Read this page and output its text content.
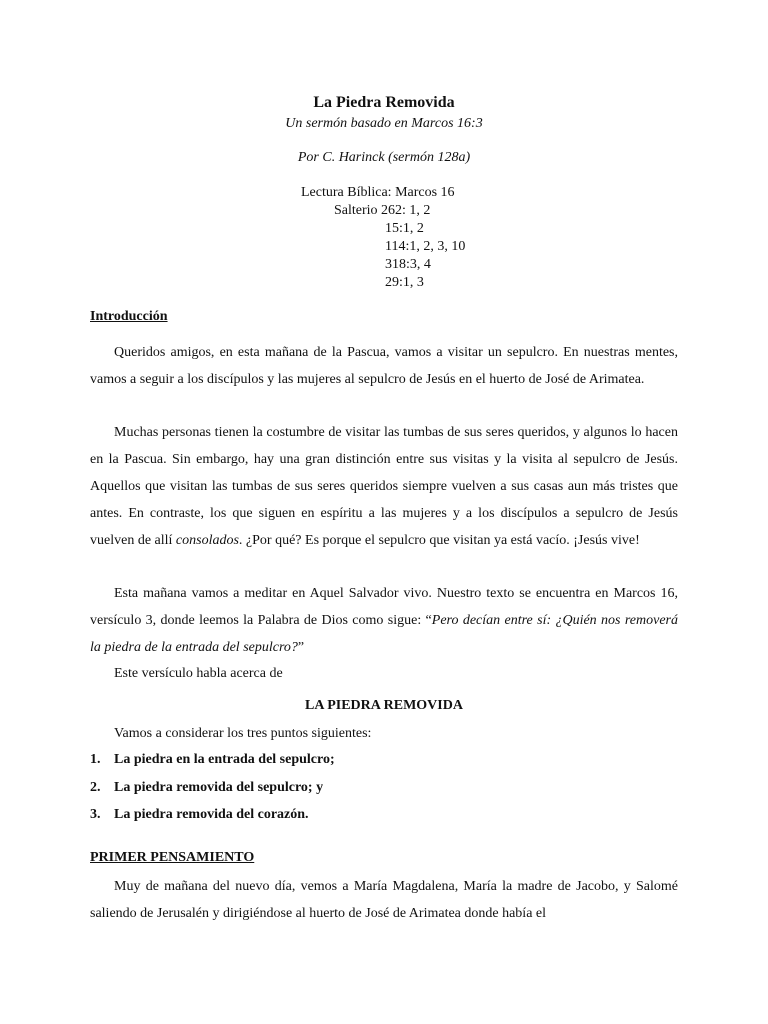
La Piedra Removida
Un sermón basado en Marcos 16:3
Por C. Harinck (sermón 128a)
Lectura Bíblica: Marcos 16
Salterio 262: 1, 2
15:1, 2
114:1, 2, 3, 10
318:3, 4
29:1, 3
Introducción
Queridos amigos, en esta mañana de la Pascua, vamos a visitar un sepulcro. En nuestras mentes, vamos a seguir a los discípulos y las mujeres al sepulcro de Jesús en el huerto de José de Arimatea.
Muchas personas tienen la costumbre de visitar las tumbas de sus seres queridos, y algunos lo hacen en la Pascua. Sin embargo, hay una gran distinción entre sus visitas y la visita al sepulcro de Jesús. Aquellos que visitan las tumbas de sus seres queridos siempre vuelven a sus casas aun más tristes que antes. En contraste, los que siguen en espíritu a las mujeres y a los discípulos a sepulcro de Jesús vuelven de allí consolados. ¿Por qué? Es porque el sepulcro que visitan ya está vacío. ¡Jesús vive!
Esta mañana vamos a meditar en Aquel Salvador vivo. Nuestro texto se encuentra en Marcos 16, versículo 3, donde leemos la Palabra de Dios como sigue: “Pero decían entre sí: ¿Quién nos removerá la piedra de la entrada del sepulcro?”
Este versículo habla acerca de
LA PIEDRA REMOVIDA
Vamos a considerar los tres puntos siguientes:
1. La piedra en la entrada del sepulcro;
2. La piedra removida del sepulcro; y
3. La piedra removida del corazón.
PRIMER PENSAMIENTO
Muy de mañana del nuevo día, vemos a María Magdalena, María la madre de Jacobo, y Salomé saliendo de Jerusalén y dirigiéndose al huerto de José de Arimatea donde había el
